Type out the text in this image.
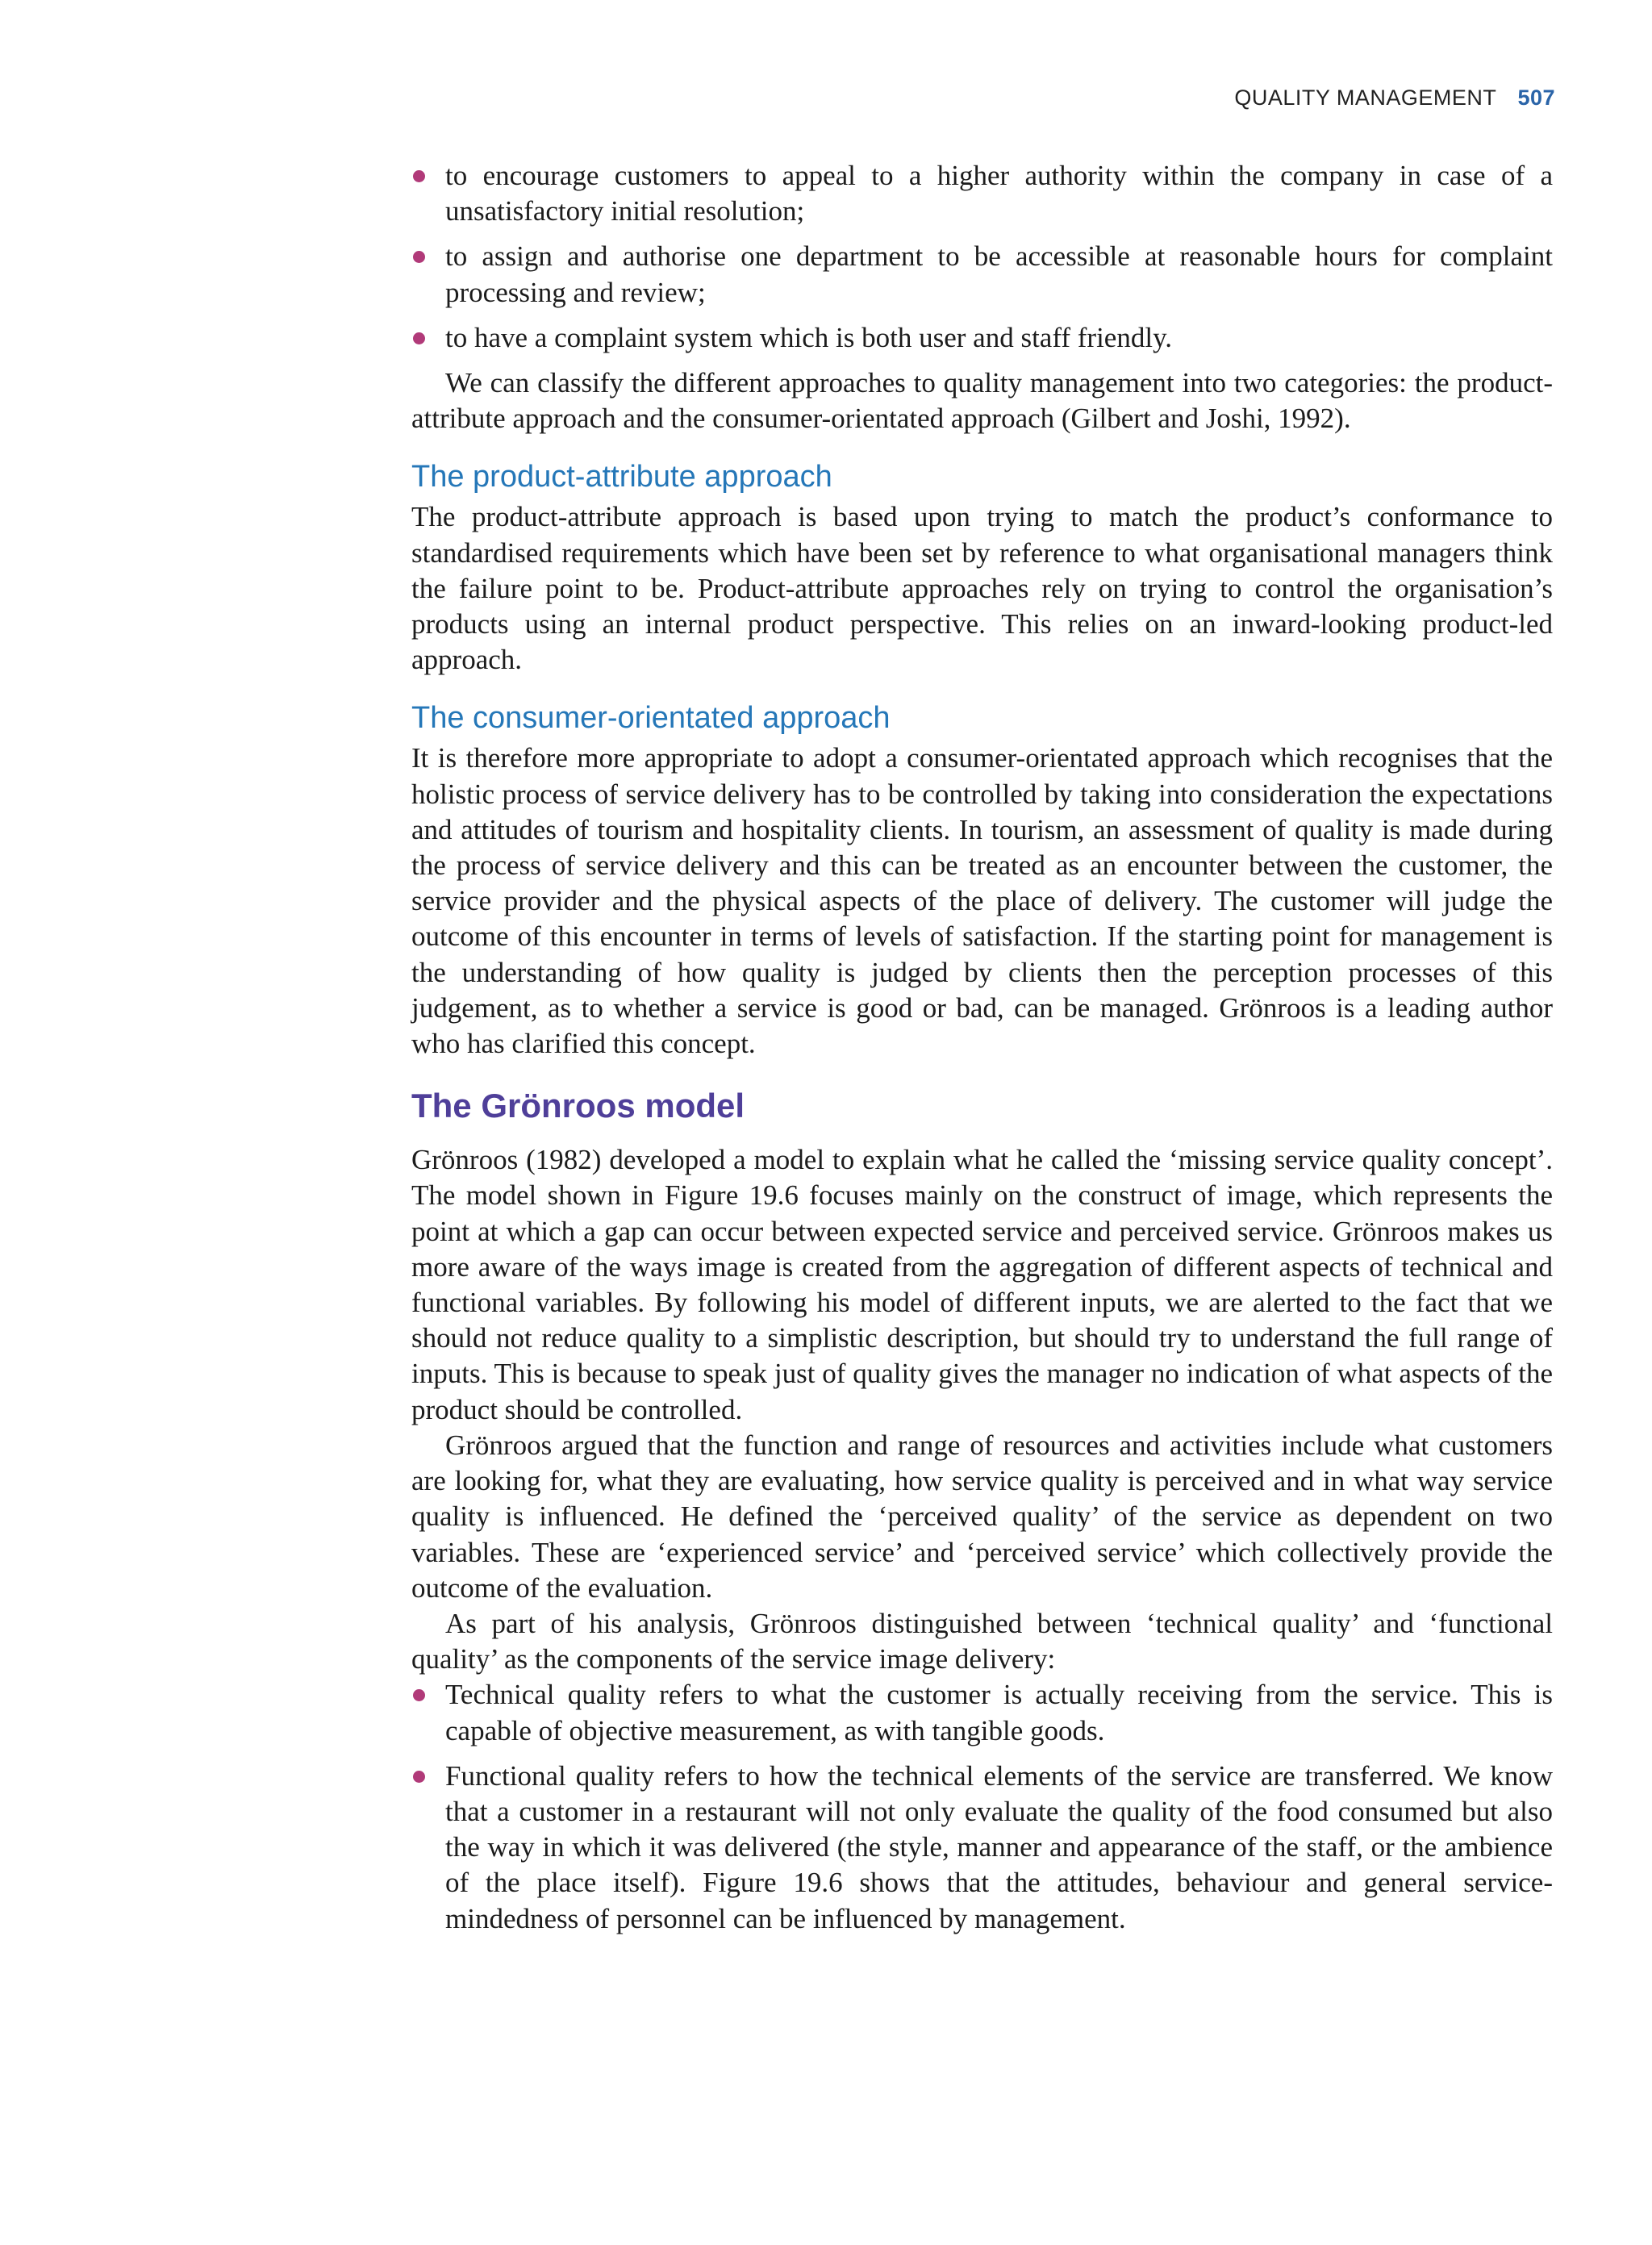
QUALITY MANAGEMENT 507
to encourage customers to appeal to a higher authority within the company in case of a unsatisfactory initial resolution;
to assign and authorise one department to be accessible at reasonable hours for complaint processing and review;
to have a complaint system which is both user and staff friendly.

We can classify the different approaches to quality management into two categories: the product-attribute approach and the consumer-orientated approach (Gilbert and Joshi, 1992).

The product-attribute approach

The product-attribute approach is based upon trying to match the product’s conformance to standardised requirements which have been set by reference to what organisational managers think the failure point to be. Product-attribute approaches rely on trying to control the organisation’s products using an internal product perspective. This relies on an inward-looking product-led approach.

The consumer-orientated approach

It is therefore more appropriate to adopt a consumer-orientated approach which recognises that the holistic process of service delivery has to be controlled by taking into consideration the expectations and attitudes of tourism and hospitality clients. In tourism, an assessment of quality is made during the process of service delivery and this can be treated as an encounter between the customer, the service provider and the physical aspects of the place of delivery. The customer will judge the outcome of this encounter in terms of levels of satisfaction. If the starting point for management is the understanding of how quality is judged by clients then the perception processes of this judgement, as to whether a service is good or bad, can be managed. Grönroos is a leading author who has clarified this concept.

The Grönroos model

Grönroos (1982) developed a model to explain what he called the ‘missing service quality concept’. The model shown in Figure 19.6 focuses mainly on the construct of image, which represents the point at which a gap can occur between expected service and perceived service. Grönroos makes us more aware of the ways image is created from the aggregation of different aspects of technical and functional variables. By following his model of different inputs, we are alerted to the fact that we should not reduce quality to a simplistic description, but should try to understand the full range of inputs. This is because to speak just of quality gives the manager no indication of what aspects of the product should be controlled.

Grönroos argued that the function and range of resources and activities include what customers are looking for, what they are evaluating, how service quality is perceived and in what way service quality is influenced. He defined the ‘perceived quality’ of the service as dependent on two variables. These are ‘experienced service’ and ‘perceived service’ which collectively provide the outcome of the evaluation.

As part of his analysis, Grönroos distinguished between ‘technical quality’ and ‘functional quality’ as the components of the service image delivery:

Technical quality refers to what the customer is actually receiving from the service. This is capable of objective measurement, as with tangible goods.
Functional quality refers to how the technical elements of the service are transferred. We know that a customer in a restaurant will not only evaluate the quality of the food consumed but also the way in which it was delivered (the style, manner and appearance of the staff, or the ambience of the place itself). Figure 19.6 shows that the attitudes, behaviour and general service-mindedness of personnel can be influenced by management.
